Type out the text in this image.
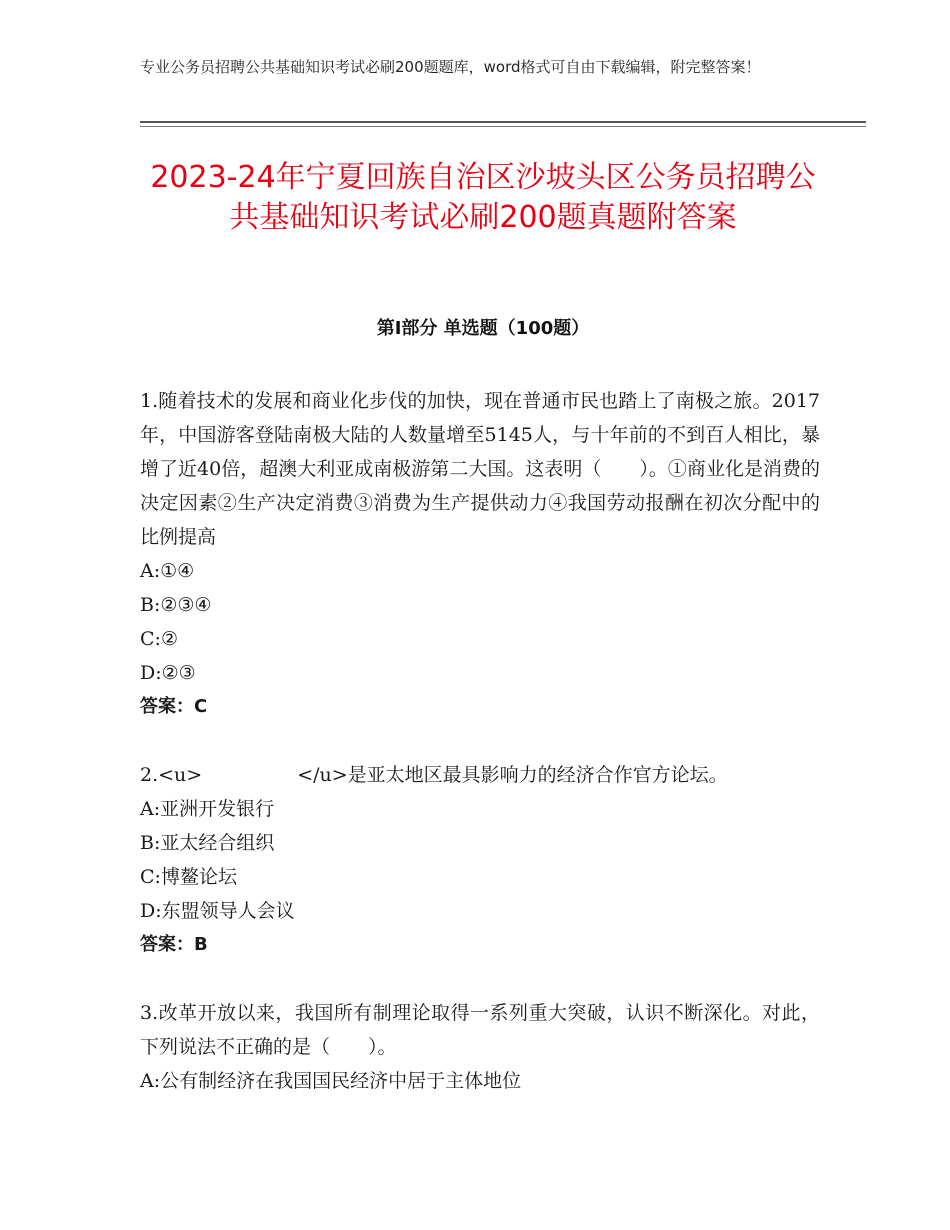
专业公务员招聘公共基础知识考试必刷200题题库，word格式可自由下载编辑，附完整答案！
2023-24年宁夏回族自治区沙坡头区公务员招聘公共基础知识考试必刷200题真题附答案
第Ⅰ部分 单选题（100题）

1.随着技术的发展和商业化步伐的加快，现在普通市民也踏上了南极之旅。2017年，中国游客登陆南极大陆的人数量增至5145人，与十年前的不到百人相比，暴增了近40倍，超澳大利亚成南极游第二大国。这表明（　　）。①商业化是消费的决定因素②生产决定消费③消费为生产提供动力④我国劳动报酬在初次分配中的比例提高

A:①④

B:②③④

C:②

D:②③

答案：C

2.<u>　　　　　</u>是亚太地区最具影响力的经济合作官方论坛。

A:亚洲开发银行

B:亚太经合组织

C:博鳌论坛

D:东盟领导人会议

答案：B

3.改革开放以来，我国所有制理论取得一系列重大突破，认识不断深化。对此，下列说法不正确的是（　　）。

A:公有制经济在我国国民经济中居于主体地位
